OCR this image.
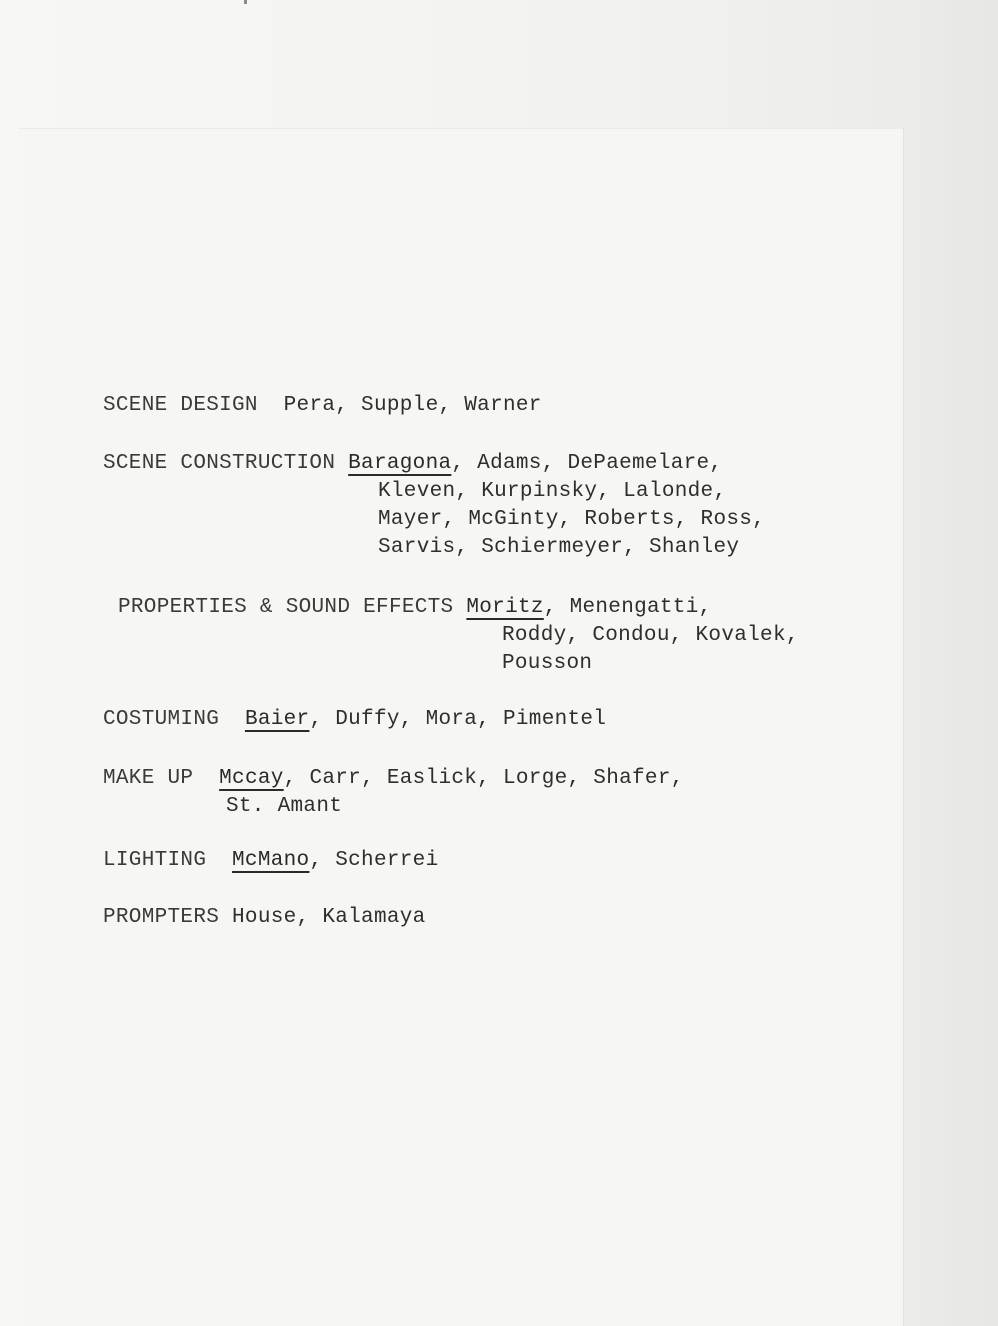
SCENE DESIGN Pera, Supple, Warner

SCENE CONSTRUCTION Baragona, Adams, DePaemelare,

Kleven, Kurpinsky, Lalonde,

Mayer, McGinty, Roberts, Ross,

Sarvis, Schiermeyer, Shanley

PROPERTIES & SOUND EFFECTS Moritz, Menengatti,

Roddy, Condou, Kovalek,

Pousson

COSTUMING Baier, Duffy, Mora, Pimentel

MAKE UP Mccay, Carr, Easlick, Lorge, Shafer,

St. Amant

LIGHTING McMano, Scherrei

PROMPTERS House, Kalamaya
